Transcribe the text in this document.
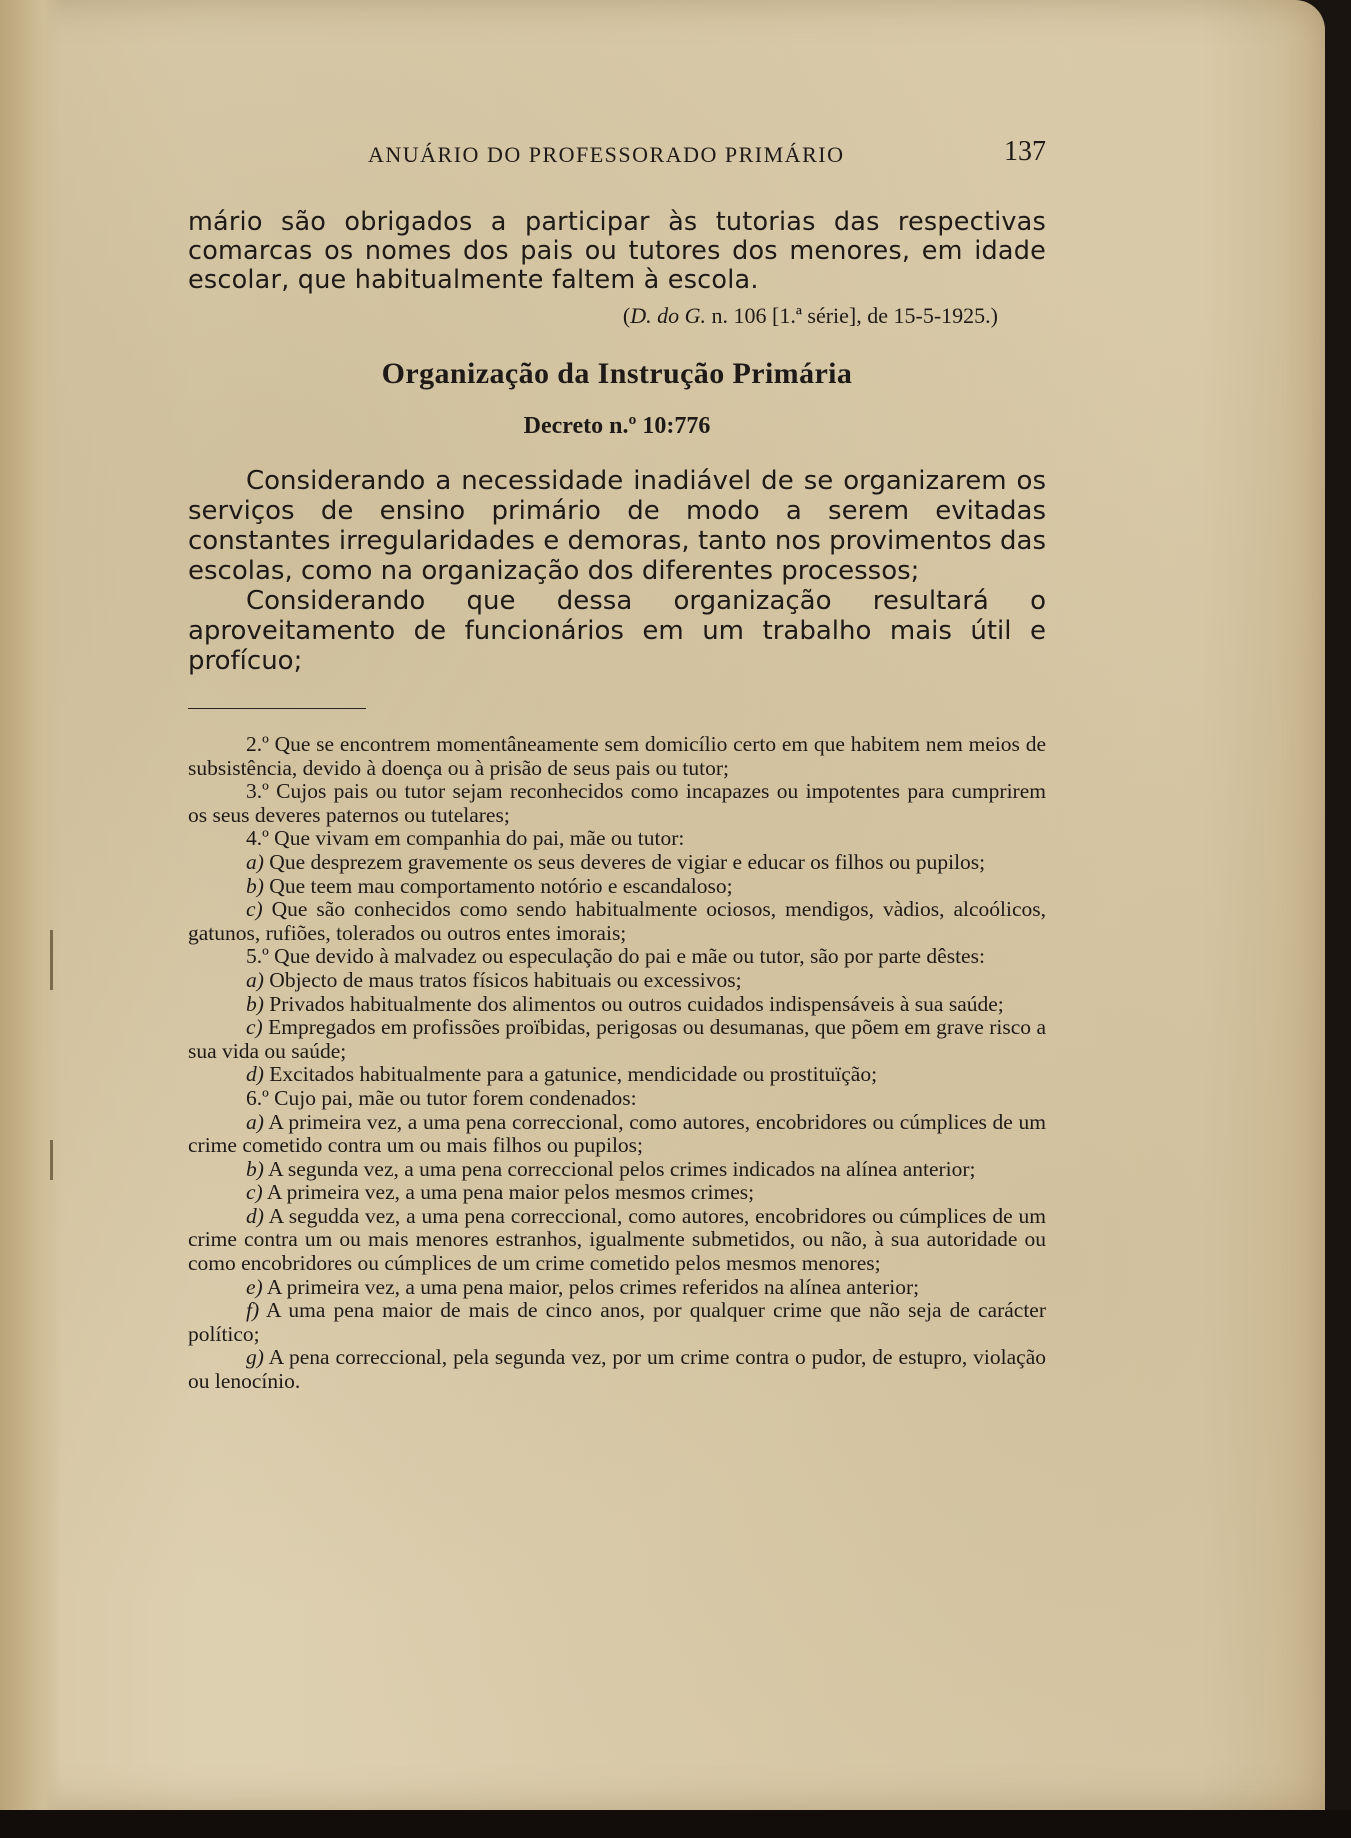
ANUÁRIO DO PROFESSORADO PRIMÁRIO	137
mário são obrigados a participar às tutorias das respectivas comarcas os nomes dos pais ou tutores dos menores, em idade escolar, que habitualmente faltem à escola.
(D. do G. n. 106 [1.ª série], de 15-5-1925.)
Organização da Instrução Primária
Decreto n.º 10:776

Considerando a necessidade inadiável de se organizarem os serviços de ensino primário de modo a serem evitadas constantes irregularidades e demoras, tanto nos provimentos das escolas, como na organização dos diferentes processos;

Considerando que dessa organização resultará o aproveitamento de funcionários em um trabalho mais útil e profícuo;

2.º Que se encontrem momentâneamente sem domicílio certo em que habitem nem meios de subsistência, devido à doença ou à prisão de seus pais ou tutor;

3.º Cujos pais ou tutor sejam reconhecidos como incapazes ou impotentes para cumprirem os seus deveres paternos ou tutelares;

4.º Que vivam em companhia do pai, mãe ou tutor:

a) Que desprezem gravemente os seus deveres de vigiar e educar os filhos ou pupilos;

b) Que teem mau comportamento notório e escandaloso;

c) Que são conhecidos como sendo habitualmente ociosos, mendigos, vàdios, alcoólicos, gatunos, rufiões, tolerados ou outros entes imorais;

5.º Que devido à malvadez ou especulação do pai e mãe ou tutor, são por parte dêstes:

a) Objecto de maus tratos físicos habituais ou excessivos;

b) Privados habitualmente dos alimentos ou outros cuidados indispensáveis à sua saúde;

c) Empregados em profissões proïbidas, perigosas ou desumanas, que põem em grave risco a sua vida ou saúde;

d) Excitados habitualmente para a gatunice, mendicidade ou prostituïção;

6.º Cujo pai, mãe ou tutor forem condenados:

a) A primeira vez, a uma pena correccional, como autores, encobridores ou cúmplices de um crime cometido contra um ou mais filhos ou pupilos;

b) A segunda vez, a uma pena correccional pelos crimes indicados na alínea anterior;

c) A primeira vez, a uma pena maior pelos mesmos crimes;

d) A segudda vez, a uma pena correccional, como autores, encobridores ou cúmplices de um crime contra um ou mais menores estranhos, igualmente submetidos, ou não, à sua autoridade ou como encobridores ou cúmplices de um crime cometido pelos mesmos menores;

e) A primeira vez, a uma pena maior, pelos crimes referidos na alínea anterior;

f) A uma pena maior de mais de cinco anos, por qualquer crime que não seja de carácter político;

g) A pena correccional, pela segunda vez, por um crime contra o pudor, de estupro, violação ou lenocínio.
